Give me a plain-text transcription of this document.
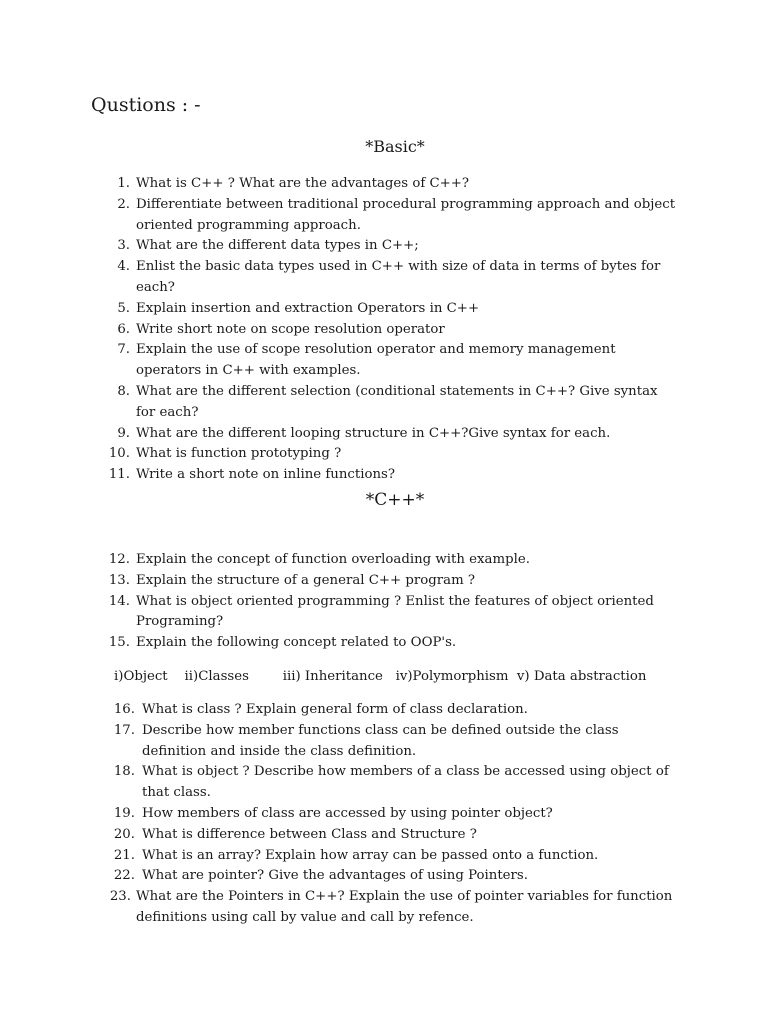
Qustions : -
*Basic*
1. What is C++ ? What are the advantages of C++?
2. Differentiate between traditional procedural programming approach and object oriented programming approach.
3. What are the different data types in C++;
4. Enlist the basic data types used in C++ with size of data in terms of bytes for each?
5. Explain insertion and extraction Operators in C++
6. Write short note on scope resolution operator
7. Explain the use of scope resolution operator and memory management operators in C++ with examples.
8. What are the different selection (conditional statements in C++? Give syntax for each?
9. What are the different looping structure in C++?Give syntax for each.
10. What is function prototyping ?
11. Write a short note on inline functions?
*C++*
12. Explain the concept of function overloading with example.
13. Explain the structure of a general C++ program ?
14. What is object oriented programming ? Enlist the features of object oriented Programing?
15. Explain the following concept related to OOP's.
i)Object    ii)Classes        iii) Inheritance   iv)Polymorphism  v) Data abstraction
16. What is class ? Explain general form of class declaration.
17. Describe how member functions class can be defined outside the class definition and inside the class definition.
18. What is object ? Describe how members of a class be accessed using object of that class.
19. How members of class are accessed by using pointer object?
20. What is difference between Class and Structure ?
21. What is an array? Explain how array can be passed onto a function.
22. What are pointer? Give the advantages of using Pointers.
23. What are the Pointers in C++? Explain the use of pointer variables for function definitions using call by value and call by refence.
